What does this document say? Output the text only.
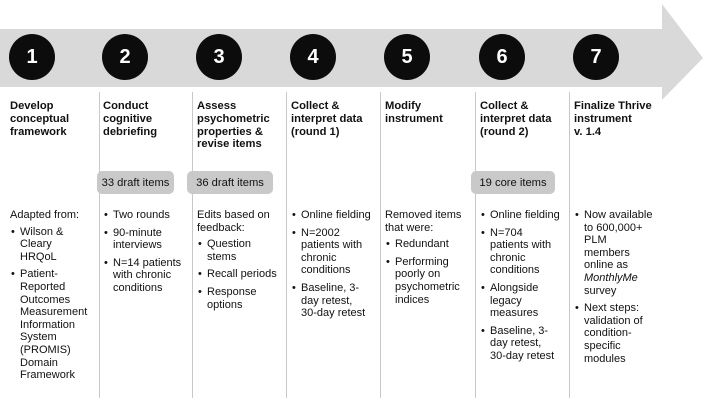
1
Develop
conceptual
framework
Adapted from:
• Wilson &
Cleary
HRQoL
• Patient-
Reported
Outcomes
Measurement
Information
System
(PROMIS)
Domain
Framework
2
Conduct
cognitive
debriefing
33 draft items
• Two rounds
• 90-minute
interviews
• N=14 patients
with chronic
conditions
3
Assess
psychometric
properties &
revise items
36 draft items
Edits based on
feedback:
• Question
stems
• Recall periods
• Response
options
4
Collect &
interpret data
(round 1)
• Online fielding
• N=2002
patients with
chronic
conditions
• Baseline, 3-
day retest,
30-day retest
5
Modify
instrument
Removed items
that were:
• Redundant
• Performing
poorly on
psychometric
indices
6
Collect &
interpret data
(round 2)
19 core items
• Online fielding
• N=704
patients with
chronic
conditions
• Alongside
legacy
measures
• Baseline, 3-
day retest,
30-day retest
7
Finalize Thrive
instrument
v. 1.4
• Now available
to 600,000+
PLM
members
online as
MonthlyMe
survey
• Next steps:
validation of
condition-
specific
modules
